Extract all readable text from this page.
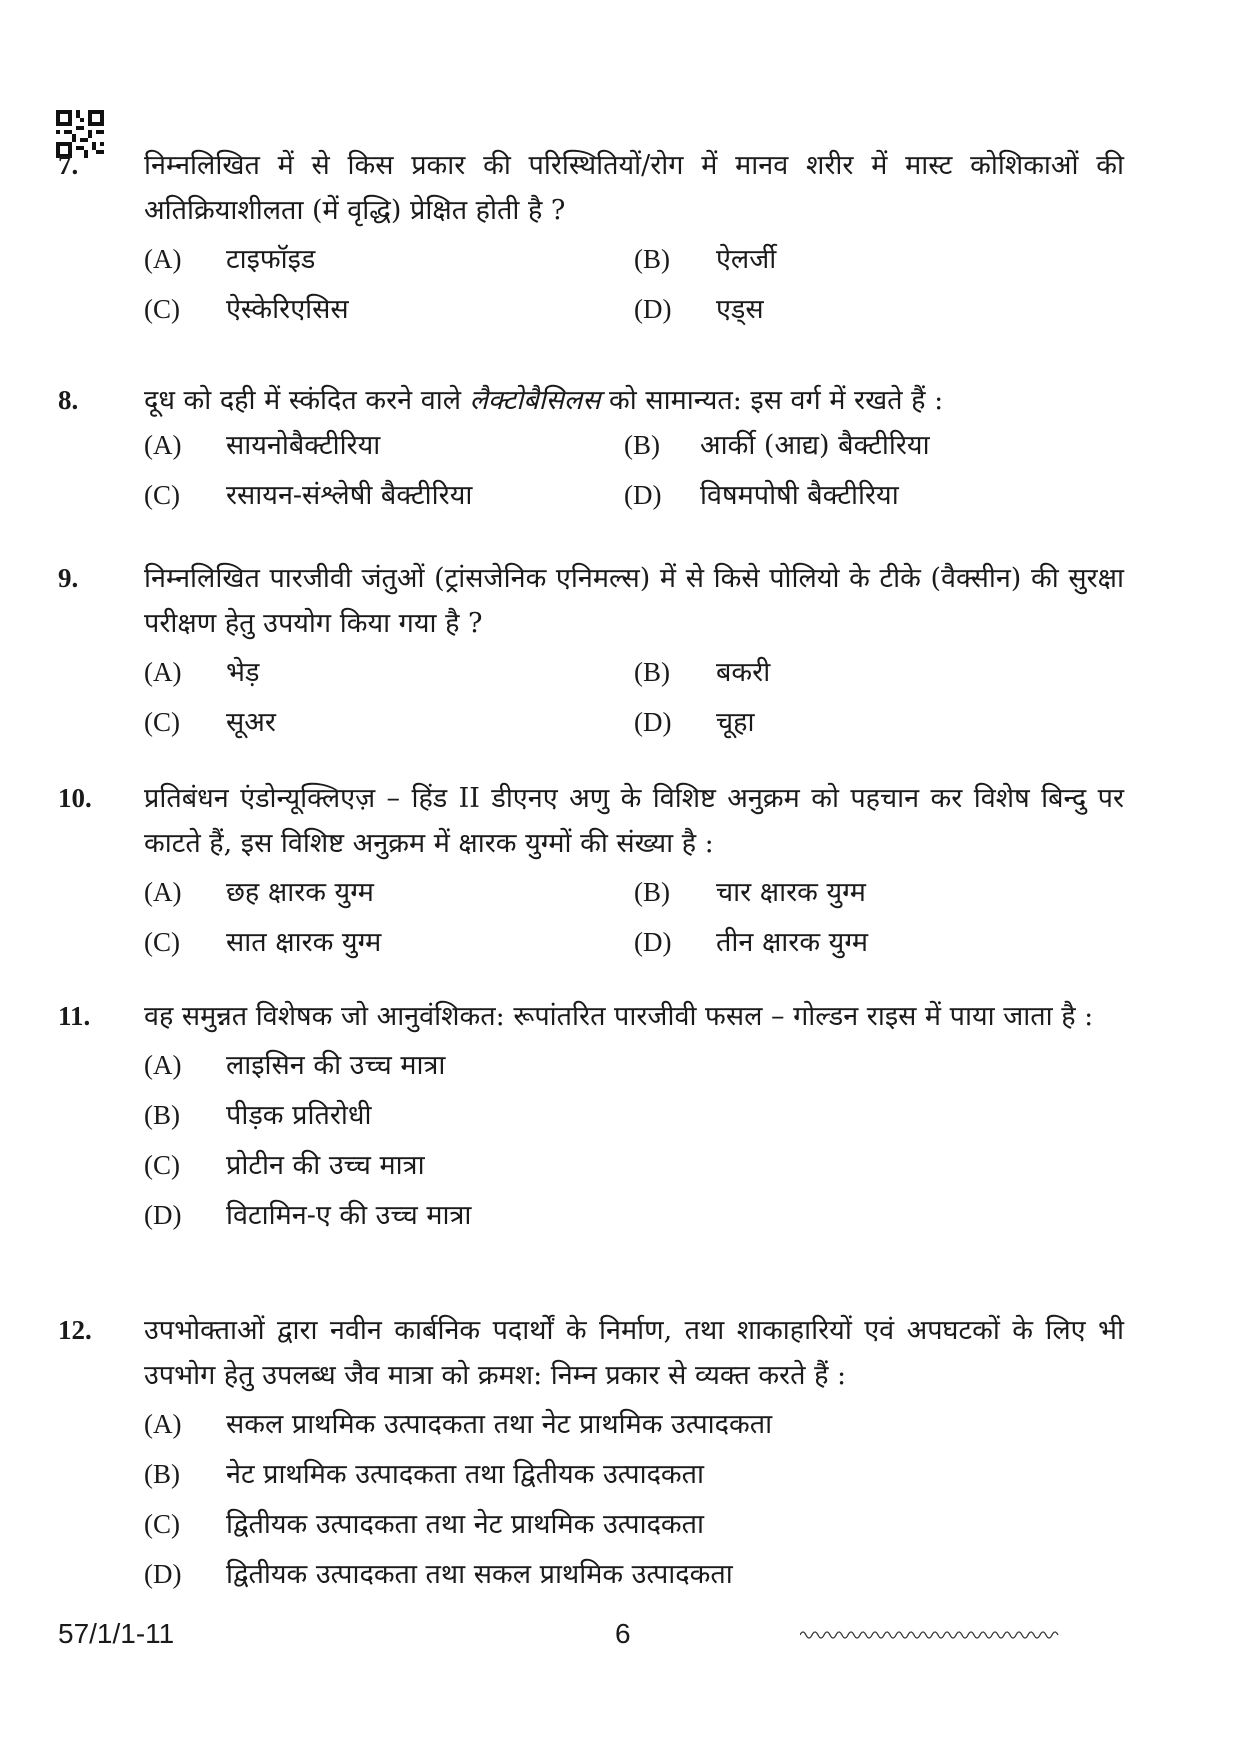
7. निम्नलिखित में से किस प्रकार की परिस्थितियों/रोग में मानव शरीर में मास्ट कोशिकाओं की अतिक्रियाशीलता (में वृद्धि) प्रेक्षित होती है ?
(A) टाइफॉइड	(B) ऐलर्जी
(C) ऐस्केरिएसिस	(D) एड्स
8. दूध को दही में स्कंदित करने वाले लैक्टोबैसिलस को सामान्यत: इस वर्ग में रखते हैं :
(A) सायनोबैक्टीरिया	(B) आर्की (आद्य) बैक्टीरिया
(C) रसायन-संश्लेषी बैक्टीरिया	(D) विषमपोषी बैक्टीरिया
9. निम्नलिखित पारजीवी जंतुओं (ट्रांसजेनिक एनिमल्स) में से किसे पोलियो के टीके (वैक्सीन) की सुरक्षा परीक्षण हेतु उपयोग किया गया है ?
(A) भेड़	(B) बकरी
(C) सूअर	(D) चूहा
10. प्रतिबंधन एंडोन्यूक्लिएज़ – हिंड II डीएनए अणु के विशिष्ट अनुक्रम को पहचान कर विशेष बिन्दु पर काटते हैं, इस विशिष्ट अनुक्रम में क्षारक युग्मों की संख्या है :
(A) छह क्षारक युग्म	(B) चार क्षारक युग्म
(C) सात क्षारक युग्म	(D) तीन क्षारक युग्म
11. वह समुन्नत विशेषक जो आनुवंशिकत: रूपांतरित पारजीवी फसल – गोल्डन राइस में पाया जाता है :
(A) लाइसिन की उच्च मात्रा
(B) पीड़क प्रतिरोधी
(C) प्रोटीन की उच्च मात्रा
(D) विटामिन-ए की उच्च मात्रा
12. उपभोक्ताओं द्वारा नवीन कार्बनिक पदार्थों के निर्माण, तथा शाकाहारियों एवं अपघटकों के लिए भी उपभोग हेतु उपलब्ध जैव मात्रा को क्रमश: निम्न प्रकार से व्यक्त करते हैं :
(A) सकल प्राथमिक उत्पादकता तथा नेट प्राथमिक उत्पादकता
(B) नेट प्राथमिक उत्पादकता तथा द्वितीयक उत्पादकता
(C) द्वितीयक उत्पादकता तथा नेट प्राथमिक उत्पादकता
(D) द्वितीयक उत्पादकता तथा सकल प्राथमिक उत्पादकता
57/1/1-11	6
